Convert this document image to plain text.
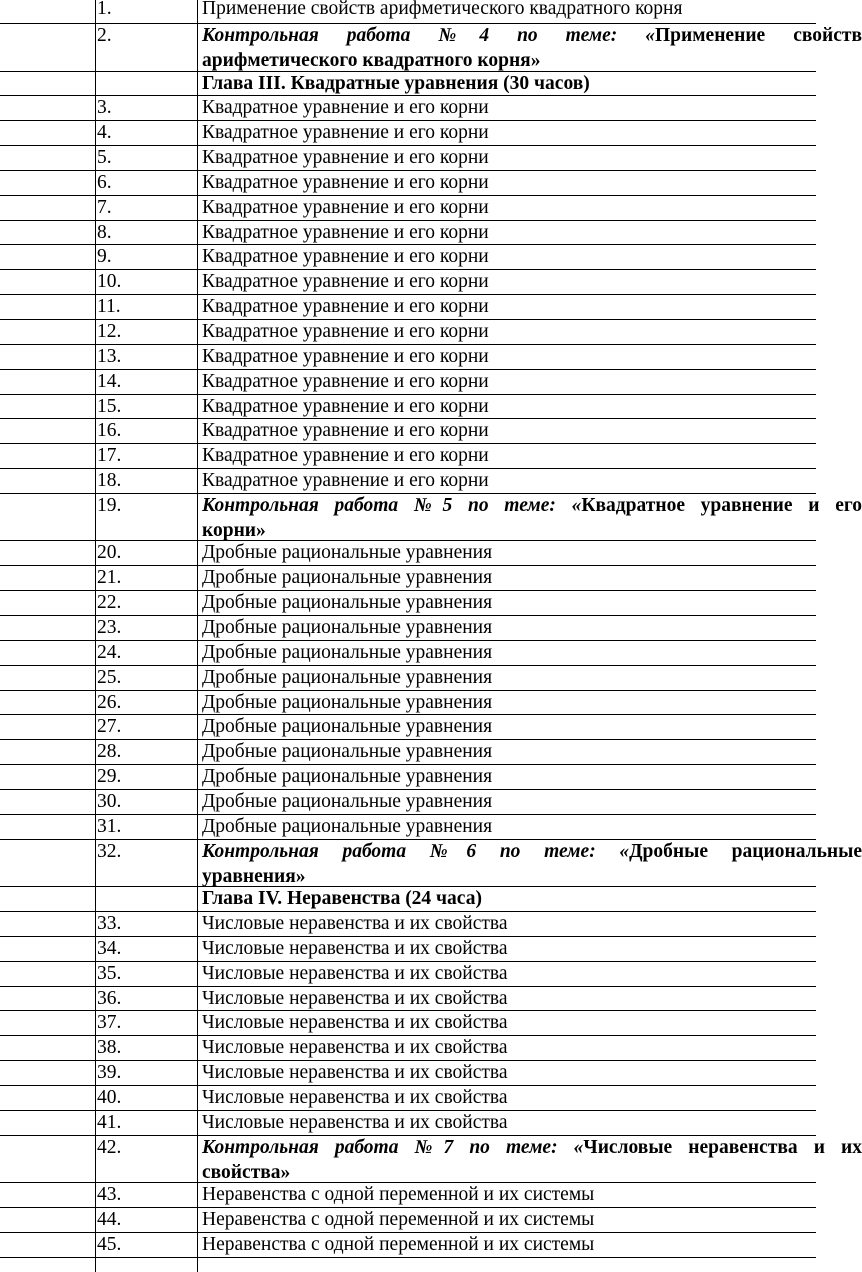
1.	Применение свойств арифметического квадратного корня
2.	Контрольная работа №4 по теме: «Применение свойств
арифметического квадратного корня»
Глава III. Квадратные уравнения (30 часов)
3.	Квадратное уравнение и его корни
4.	Квадратное уравнение и его корни
5.	Квадратное уравнение и его корни
6.	Квадратное уравнение и его корни
7.	Квадратное уравнение и его корни
8.	Квадратное уравнение и его корни
9.	Квадратное уравнение и его корни
10.	Квадратное уравнение и его корни
11.	Квадратное уравнение и его корни
12.	Квадратное уравнение и его корни
13.	Квадратное уравнение и его корни
14.	Квадратное уравнение и его корни
15.	Квадратное уравнение и его корни
16.	Квадратное уравнение и его корни
17.	Квадратное уравнение и его корни
18.	Квадратное уравнение и его корни
19.	Контрольная работа №5 по теме: «Квадратное уравнение и его
корни»
20.	Дробные рациональные уравнения
21.	Дробные рациональные уравнения
22.	Дробные рациональные уравнения
23.	Дробные рациональные уравнения
24.	Дробные рациональные уравнения
25.	Дробные рациональные уравнения
26.	Дробные рациональные уравнения
27.	Дробные рациональные уравнения
28.	Дробные рациональные уравнения
29.	Дробные рациональные уравнения
30.	Дробные рациональные уравнения
31.	Дробные рациональные уравнения
32.	Контрольная работа №6 по теме: «Дробные рациональные
уравнения»
Глава IV. Неравенства (24 часа)
33.	Числовые неравенства и их свойства
34.	Числовые неравенства и их свойства
35.	Числовые неравенства и их свойства
36.	Числовые неравенства и их свойства
37.	Числовые неравенства и их свойства
38.	Числовые неравенства и их свойства
39.	Числовые неравенства и их свойства
40.	Числовые неравенства и их свойства
41.	Числовые неравенства и их свойства
42.	Контрольная работа №7 по теме: «Числовые неравенства и их
свойства»
43.	Неравенства с одной переменной и их системы
44.	Неравенства с одной переменной и их системы
45.	Неравенства с одной переменной и их системы
